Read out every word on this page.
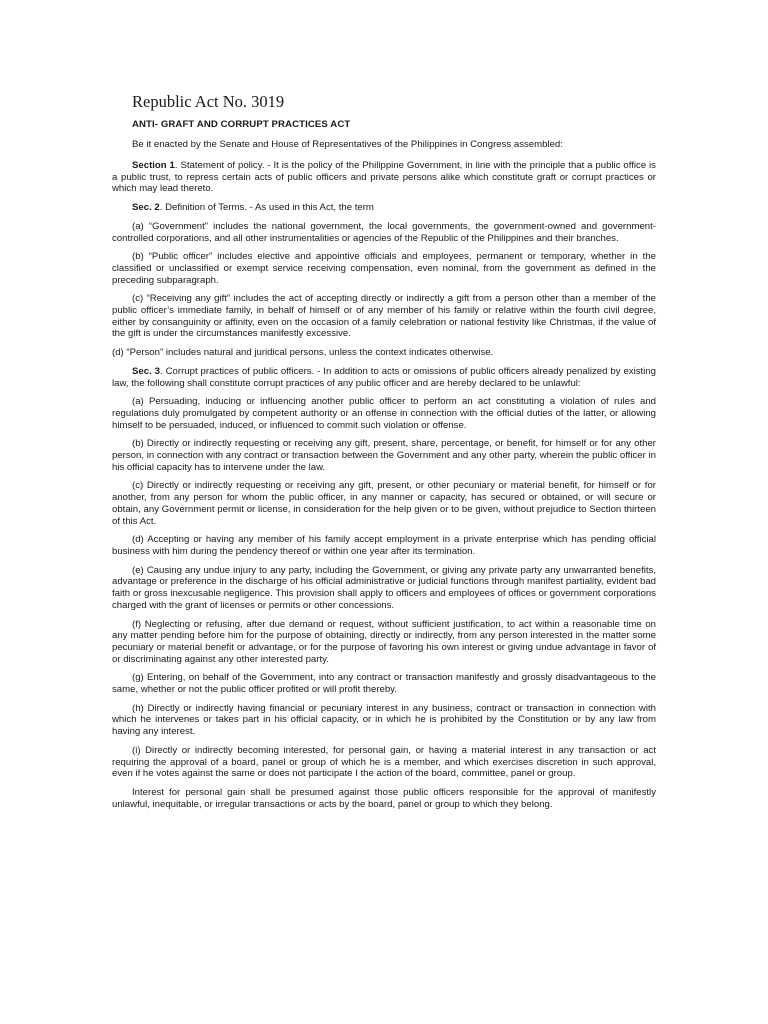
Republic Act No. 3019
ANTI- GRAFT AND CORRUPT PRACTICES ACT
Be it enacted by the Senate and House of Representatives of the Philippines in Congress assembled:

Section 1. Statement of policy. - It is the policy of the Philippine Government, in line with the principle that a public office is a public trust, to repress certain acts of public officers and private persons alike which constitute graft or corrupt practices or which may lead thereto.

Sec. 2. Definition of Terms. - As used in this Act, the term

(a) “Government” includes the national government, the local governments, the government-owned and government-controlled corporations, and all other instrumentalities or agencies of the Republic of the Philippines and their branches.

(b) “Public officer” includes elective and appointive officials and employees, permanent or temporary, whether in the classified or unclassified or exempt service receiving compensation, even nominal, from the government as defined in the preceding subparagraph.

(c) “Receiving any gift” includes the act of accepting directly or indirectly a gift from a person other than a member of the public officer’s immediate family, in behalf of himself or of any member of his family or relative within the fourth civil degree, either by consanguinity or affinity, even on the occasion of a family celebration or national festivity like Christmas, if the value of the gift is under the circumstances manifestly excessive.

(d) “Person” includes natural and juridical persons, unless the context indicates otherwise.

Sec. 3. Corrupt practices of public officers. - In addition to acts or omissions of public officers already penalized by existing law, the following shall constitute corrupt practices of any public officer and are hereby declared to be unlawful:

(a) Persuading, inducing or influencing another public officer to perform an act constituting a violation of rules and regulations duly promulgated by competent authority or an offense in connection with the official duties of the latter, or allowing himself to be persuaded, induced, or influenced to commit such violation or offense.

(b) Directly or indirectly requesting or receiving any gift, present, share, percentage, or benefit, for himself or for any other person, in connection with any contract or transaction between the Government and any other party, wherein the public officer in his official capacity has to intervene under the law.

(c) Directly or indirectly requesting or receiving any gift, present, or other pecuniary or material benefit, for himself or for another, from any person for whom the public officer, in any manner or capacity, has secured or obtained, or will secure or obtain, any Government permit or license, in consideration for the help given or to be given, without prejudice to Section thirteen of this Act.

(d) Accepting or having any member of his family accept employment in a private enterprise which has pending official business with him during the pendency thereof or within one year after its termination.

(e) Causing any undue injury to any party, including the Government, or giving any private party any unwarranted benefits, advantage or preference in the discharge of his official administrative or judicial functions through manifest partiality, evident bad faith or gross inexcusable negligence. This provision shall apply to officers and employees of offices or government corporations charged with the grant of licenses or permits or other concessions.

(f) Neglecting or refusing, after due demand or request, without sufficient justification, to act within a reasonable time on any matter pending before him for the purpose of obtaining, directly or indirectly, from any person interested in the matter some pecuniary or material benefit or advantage, or for the purpose of favoring his own interest or giving undue advantage in favor of or discriminating against any other interested party.

(g) Entering, on behalf of the Government, into any contract or transaction manifestly and grossly disadvantageous to the same, whether or not the public officer profited or will profit thereby.

(h) Directly or indirectly having financial or pecuniary interest in any business, contract or transaction in connection with which he intervenes or takes part in his official capacity, or in which he is prohibited by the Constitution or by any law from having any interest.

(i) Directly or indirectly becoming interested, for personal gain, or having a material interest in any transaction or act requiring the approval of a board, panel or group of which he is a member, and which exercises discretion in such approval, even if he votes against the same or does not participate I the action of the board, committee, panel or group.

Interest for personal gain shall be presumed against those public officers responsible for the approval of manifestly unlawful, inequitable, or irregular transactions or acts by the board, panel or group to which they belong.
